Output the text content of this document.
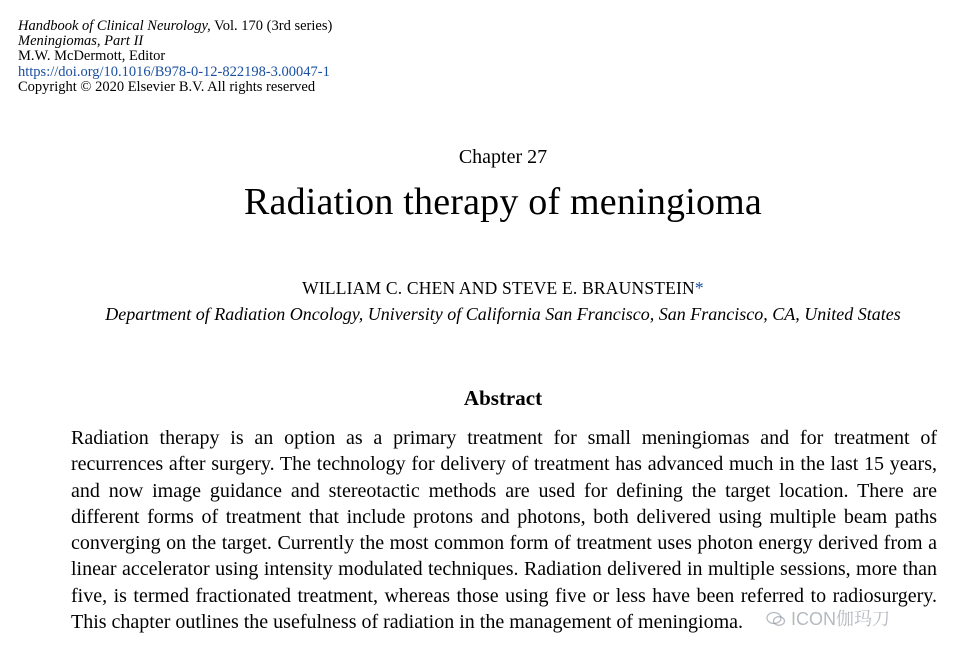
Handbook of Clinical Neurology, Vol. 170 (3rd series)
Meningiomas, Part II
M.W. McDermott, Editor
https://doi.org/10.1016/B978-0-12-822198-3.00047-1
Copyright © 2020 Elsevier B.V. All rights reserved
Chapter 27
Radiation therapy of meningioma
WILLIAM C. CHEN AND STEVE E. BRAUNSTEIN*
Department of Radiation Oncology, University of California San Francisco, San Francisco, CA, United States
Abstract
Radiation therapy is an option as a primary treatment for small meningiomas and for treatment of recurrences after surgery. The technology for delivery of treatment has advanced much in the last 15 years, and now image guidance and stereotactic methods are used for defining the target location. There are different forms of treatment that include protons and photons, both delivered using multiple beam paths converging on the target. Currently the most common form of treatment uses photon energy derived from a linear accelerator using intensity modulated techniques. Radiation delivered in multiple sessions, more than five, is termed fractionated treatment, whereas those using five or less have been referred to radiosurgery. This chapter outlines the usefulness of radiation in the management of meningioma.	ICON伽玛刀
